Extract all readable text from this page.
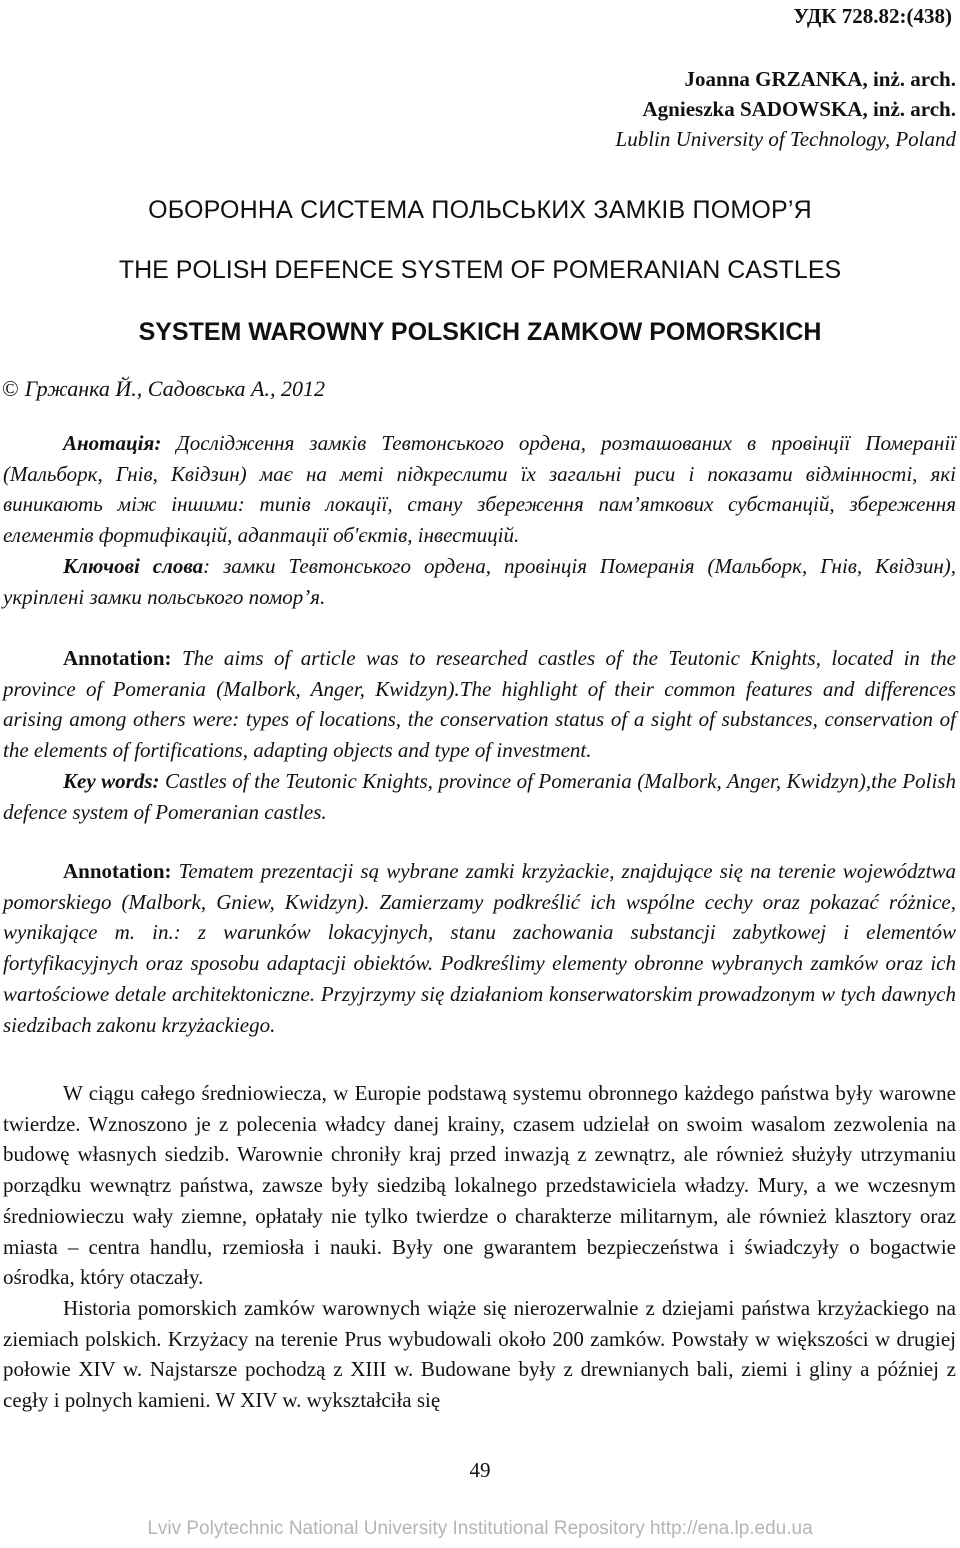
УДК 728.82:(438)
Joanna GRZANKA, inż. arch.
Agnieszka SADOWSKA, inż. arch.
Lublin University of Technology, Poland
ОБОРОННА СИСТЕМА ПОЛЬСЬКИХ ЗАМКІВ ПОМОР’Я
THE POLISH DEFENCE SYSTEM OF POMERANIAN CASTLES
SYSTEM WAROWNY POLSKICH ZAMKOW POMORSKICH
© Гржанка Й., Садовська А., 2012

Анотація: Дослідження замків Тевтонського ордена, розташованих в провінції Померанії (Мальборк, Гнів, Квідзин) має на меті підкреслити їх загальні риси і показати відмінності, які виникають між іншими: типів локації, стану збереження пам’яткових субстанцій, збереження елементів фортифікацій, адаптації об'єктів, інвестицій.

Ключові слова: замки Тевтонського ордена, провінція Померанія (Мальборк, Гнів, Квідзин), укріплені замки польського помор’я.

Annotation: The aims of article was to researched castles of the Teutonic Knights, located in the province of Pomerania (Malbork, Anger, Kwidzyn).The highlight of their common features and differences arising among others were: types of locations, the conservation status of a sight of substances, conservation of the elements of fortifications, adapting objects and type of investment.

Key words: Castles of the Teutonic Knights, province of Pomerania (Malbork, Anger, Kwidzyn),the Polish defence system of Pomeranian castles.

Annotation: Tematem prezentacji są wybrane zamki krzyżackie, znajdujące się na terenie województwa pomorskiego (Malbork, Gniew, Kwidzyn). Zamierzamy podkreślić ich wspólne cechy oraz pokazać różnice, wynikające m. in.: z warunków lokacyjnych, stanu zachowania substancji zabytkowej i elementów fortyfikacyjnych oraz sposobu adaptacji obiektów. Podkreślimy elementy obronne wybranych zamków oraz ich wartościowe detale architektoniczne. Przyjrzymy się działaniom konserwatorskim prowadzonym w tych dawnych siedzibach zakonu krzyżackiego.

W ciągu całego średniowiecza, w Europie podstawą systemu obronnego każdego państwa były warowne twierdze. Wznoszono je z polecenia władcy danej krainy, czasem udzielał on swoim wasalom zezwolenia na budowę własnych siedzib. Warownie chroniły kraj przed inwazją z zewnątrz, ale również służyły utrzymaniu porządku wewnątrz państwa, zawsze były siedzibą lokalnego przedstawiciela władzy. Mury, a we wczesnym średniowieczu wały ziemne, opłatały nie tylko twierdze o charakterze militarnym, ale również klasztory oraz miasta – centra handlu, rzemiosła i nauki. Były one gwarantem bezpieczeństwa i świadczyły o bogactwie ośrodka, który otaczały.

Historia pomorskich zamków warownych wiąże się nierozerwalnie z dziejami państwa krzyżackiego na ziemiach polskich. Krzyżacy na terenie Prus wybudowali około 200 zamków. Powstały w większości w drugiej połowie XIV w. Najstarsze pochodzą z XIII w. Budowane były z drewnianych bali, ziemi i gliny a później z cegły i polnych kamieni. W XIV w. wykształciła się

49
Lviv Polytechnic National University Institutional Repository http://ena.lp.edu.ua
